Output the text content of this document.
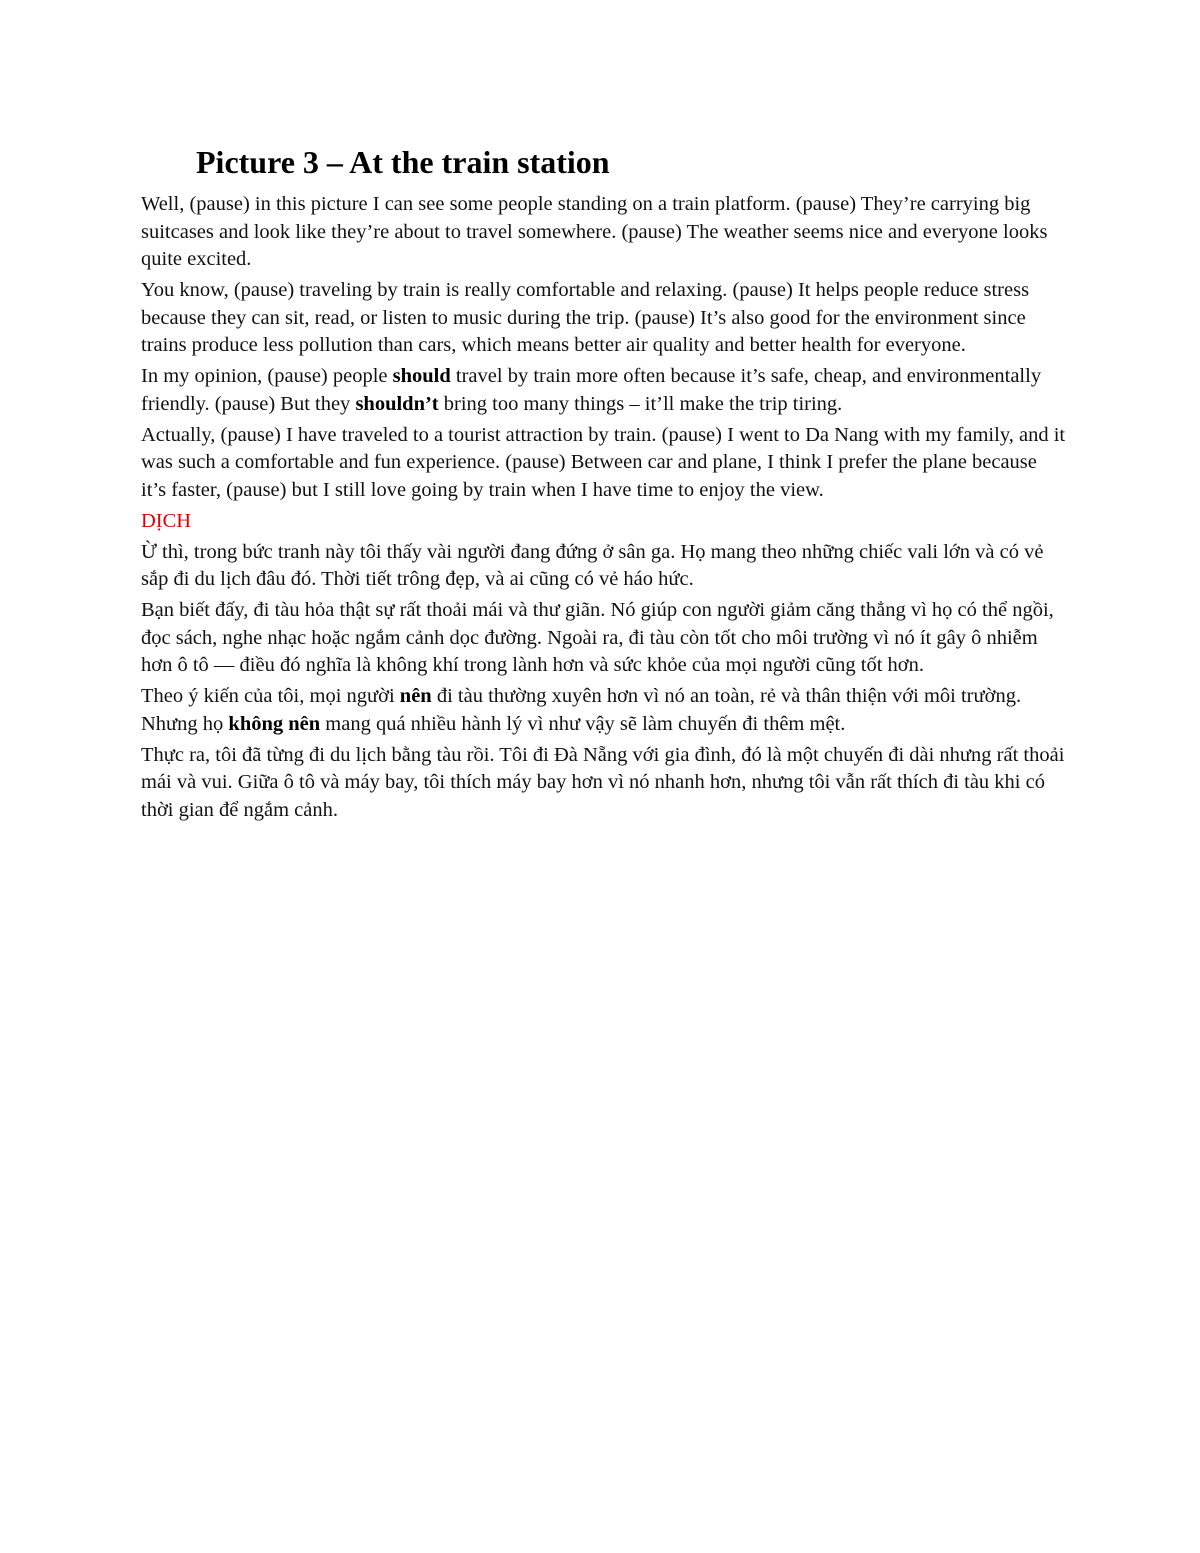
Picture 3 – At the train station

Well, (pause) in this picture I can see some people standing on a train platform. (pause) They’re carrying big suitcases and look like they’re about to travel somewhere. (pause) The weather seems nice and everyone looks quite excited.

You know, (pause) traveling by train is really comfortable and relaxing. (pause) It helps people reduce stress because they can sit, read, or listen to music during the trip. (pause) It’s also good for the environment since trains produce less pollution than cars, which means better air quality and better health for everyone.

In my opinion, (pause) people should travel by train more often because it’s safe, cheap, and environmentally friendly. (pause) But they shouldn’t bring too many things – it’ll make the trip tiring.

Actually, (pause) I have traveled to a tourist attraction by train. (pause) I went to Da Nang with my family, and it was such a comfortable and fun experience. (pause) Between car and plane, I think I prefer the plane because it’s faster, (pause) but I still love going by train when I have time to enjoy the view.

DỊCH

Ừ thì, trong bức tranh này tôi thấy vài người đang đứng ở sân ga. Họ mang theo những chiếc vali lớn và có vẻ sắp đi du lịch đâu đó. Thời tiết trông đẹp, và ai cũng có vẻ háo hức.

Bạn biết đấy, đi tàu hỏa thật sự rất thoải mái và thư giãn. Nó giúp con người giảm căng thẳng vì họ có thể ngồi, đọc sách, nghe nhạc hoặc ngắm cảnh dọc đường. Ngoài ra, đi tàu còn tốt cho môi trường vì nó ít gây ô nhiễm hơn ô tô — điều đó nghĩa là không khí trong lành hơn và sức khỏe của mọi người cũng tốt hơn.

Theo ý kiến của tôi, mọi người nên đi tàu thường xuyên hơn vì nó an toàn, rẻ và thân thiện với môi trường. Nhưng họ không nên mang quá nhiều hành lý vì như vậy sẽ làm chuyến đi thêm mệt.

Thực ra, tôi đã từng đi du lịch bằng tàu rồi. Tôi đi Đà Nẵng với gia đình, đó là một chuyến đi dài nhưng rất thoải mái và vui. Giữa ô tô và máy bay, tôi thích máy bay hơn vì nó nhanh hơn, nhưng tôi vẫn rất thích đi tàu khi có thời gian để ngắm cảnh.
